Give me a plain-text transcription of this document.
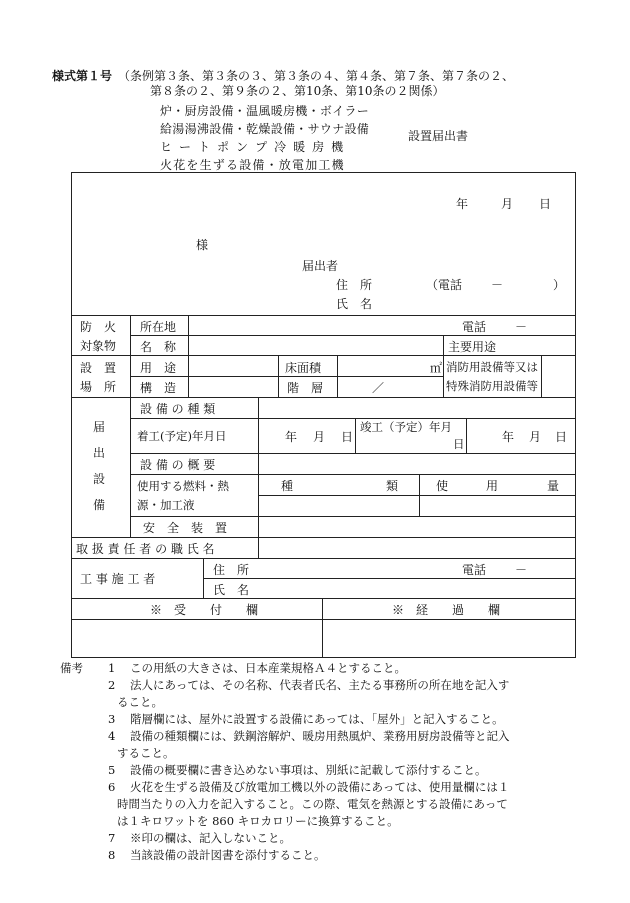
様式第１号 （条例第３条、第３条の３、第３条の４、第４条、第７条、第７条の２、
第８条の２、第９条の２、第10条、第10条の２関係）
炉・厨房設備・温風暖房機・ボイラー
給湯湯沸設備・乾燥設備・サウナ設備
ヒ ー ト ポ ン プ 冷 暖 房 機
火花を生ずる設備・放電加工機
設置届出書
年	月 日
様
届出者
住　所	（電話 －	）
氏　名
防　火
対象物
所在地	電話 －
名　称	主要用途
設　置
場　所
用　途	床面積	㎡ 消防用設備等又は
特殊消防用設備等
構　造	階　層	／
届
出
設
備
設 備 の 種 類
着工(予定)年月日	年 月 日
竣工（予定）年月
日	年 月 日
設 備 の 概 要
使用する燃料・熱
源・加工液
種	類	使	用	量
安　全　装　置
取 扱 責 任 者 の 職 氏 名
工 事 施 工 者
住　所	電話 －
氏　名
※　受　　付　　欄	※　経　　過　　欄
備考 1 この用紙の大きさは、日本産業規格Ａ４とすること。
2 法人にあっては、その名称、代表者氏名、主たる事務所の所在地を記入す
ること。
3 階層欄には、屋外に設置する設備にあっては、「屋外」と記入すること。
4 設備の種類欄には、鉄鋼溶解炉、暖房用熱風炉、業務用厨房設備等と記入
すること。
5 設備の概要欄に書き込めない事項は、別紙に記載して添付すること。
6 火花を生ずる設備及び放電加工機以外の設備にあっては、使用量欄には１
時間当たりの入力を記入すること。この際、電気を熱源とする設備にあって
は１キロワットを 860 キロカロリーに換算すること。
7 ※印の欄は、記入しないこと。
8 当該設備の設計図書を添付すること。
